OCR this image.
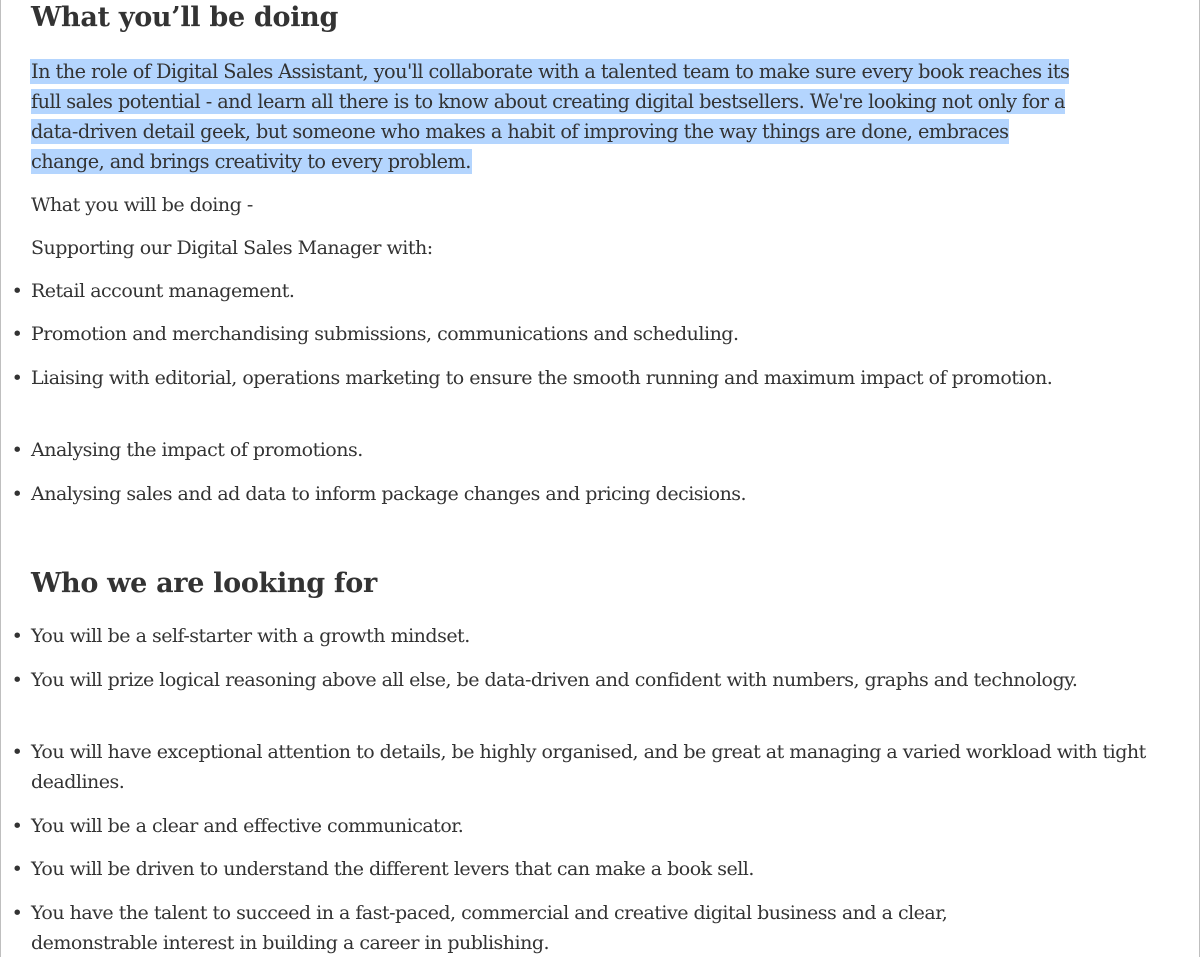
What you’ll be doing

In the role of Digital Sales Assistant, you'll collaborate with a talented team to make sure every book reaches its
full sales potential - and learn all there is to know about creating digital bestsellers. We're looking not only for a
data-driven detail geek, but someone who makes a habit of improving the way things are done, embraces
change, and brings creativity to every problem.

What you will be doing -

Supporting our Digital Sales Manager with:

• Retail account management.
• Promotion and merchandising submissions, communications and scheduling.
• Liaising with editorial, operations marketing to ensure the smooth running and maximum impact of promotion.
• Analysing the impact of promotions.
• Analysing sales and ad data to inform package changes and pricing decisions.
Who we are looking for
• You will be a self-starter with a growth mindset.
• You will prize logical reasoning above all else, be data-driven and confident with numbers, graphs and technology.
• You will have exceptional attention to details, be highly organised, and be great at managing a varied workload with tight deadlines.
• You will be a clear and effective communicator.
• You will be driven to understand the different levers that can make a book sell.
• You have the talent to succeed in a fast-paced, commercial and creative digital business and a clear, demonstrable interest in building a career in publishing.
